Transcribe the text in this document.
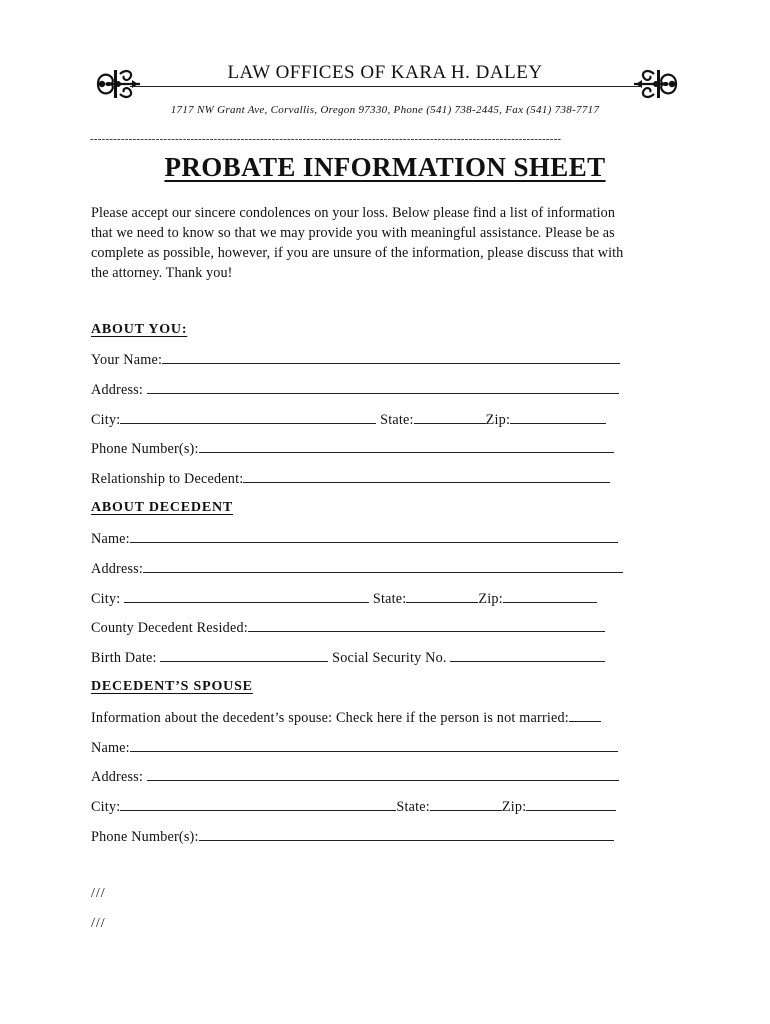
LAW OFFICES OF KARA H. DALEY
1717 NW Grant Ave, Corvallis, Oregon 97330, Phone (541) 738-2445, Fax (541) 738-7717
--------------------------------------------------------------------------------------------------------------------------
PROBATE INFORMATION SHEET
Please accept our sincere condolences on your loss. Below please find a list of information that we need to know so that we may provide you with meaningful assistance. Please be as complete as possible, however, if you are unsure of the information, please discuss that with the attorney. Thank you!
ABOUT YOU:
Your Name:
Address:
City:	State:	Zip:
Phone Number(s):
Relationship to Decedent:
ABOUT DECEDENT
Name:
Address:
City:	State:	Zip:
County Decedent Resided:
Birth Date:	Social Security No.
DECEDENT’S SPOUSE
Information about the decedent’s spouse: Check here if the person is not married:
Name:
Address:
City:	State:	Zip:
Phone Number(s):
///
///
